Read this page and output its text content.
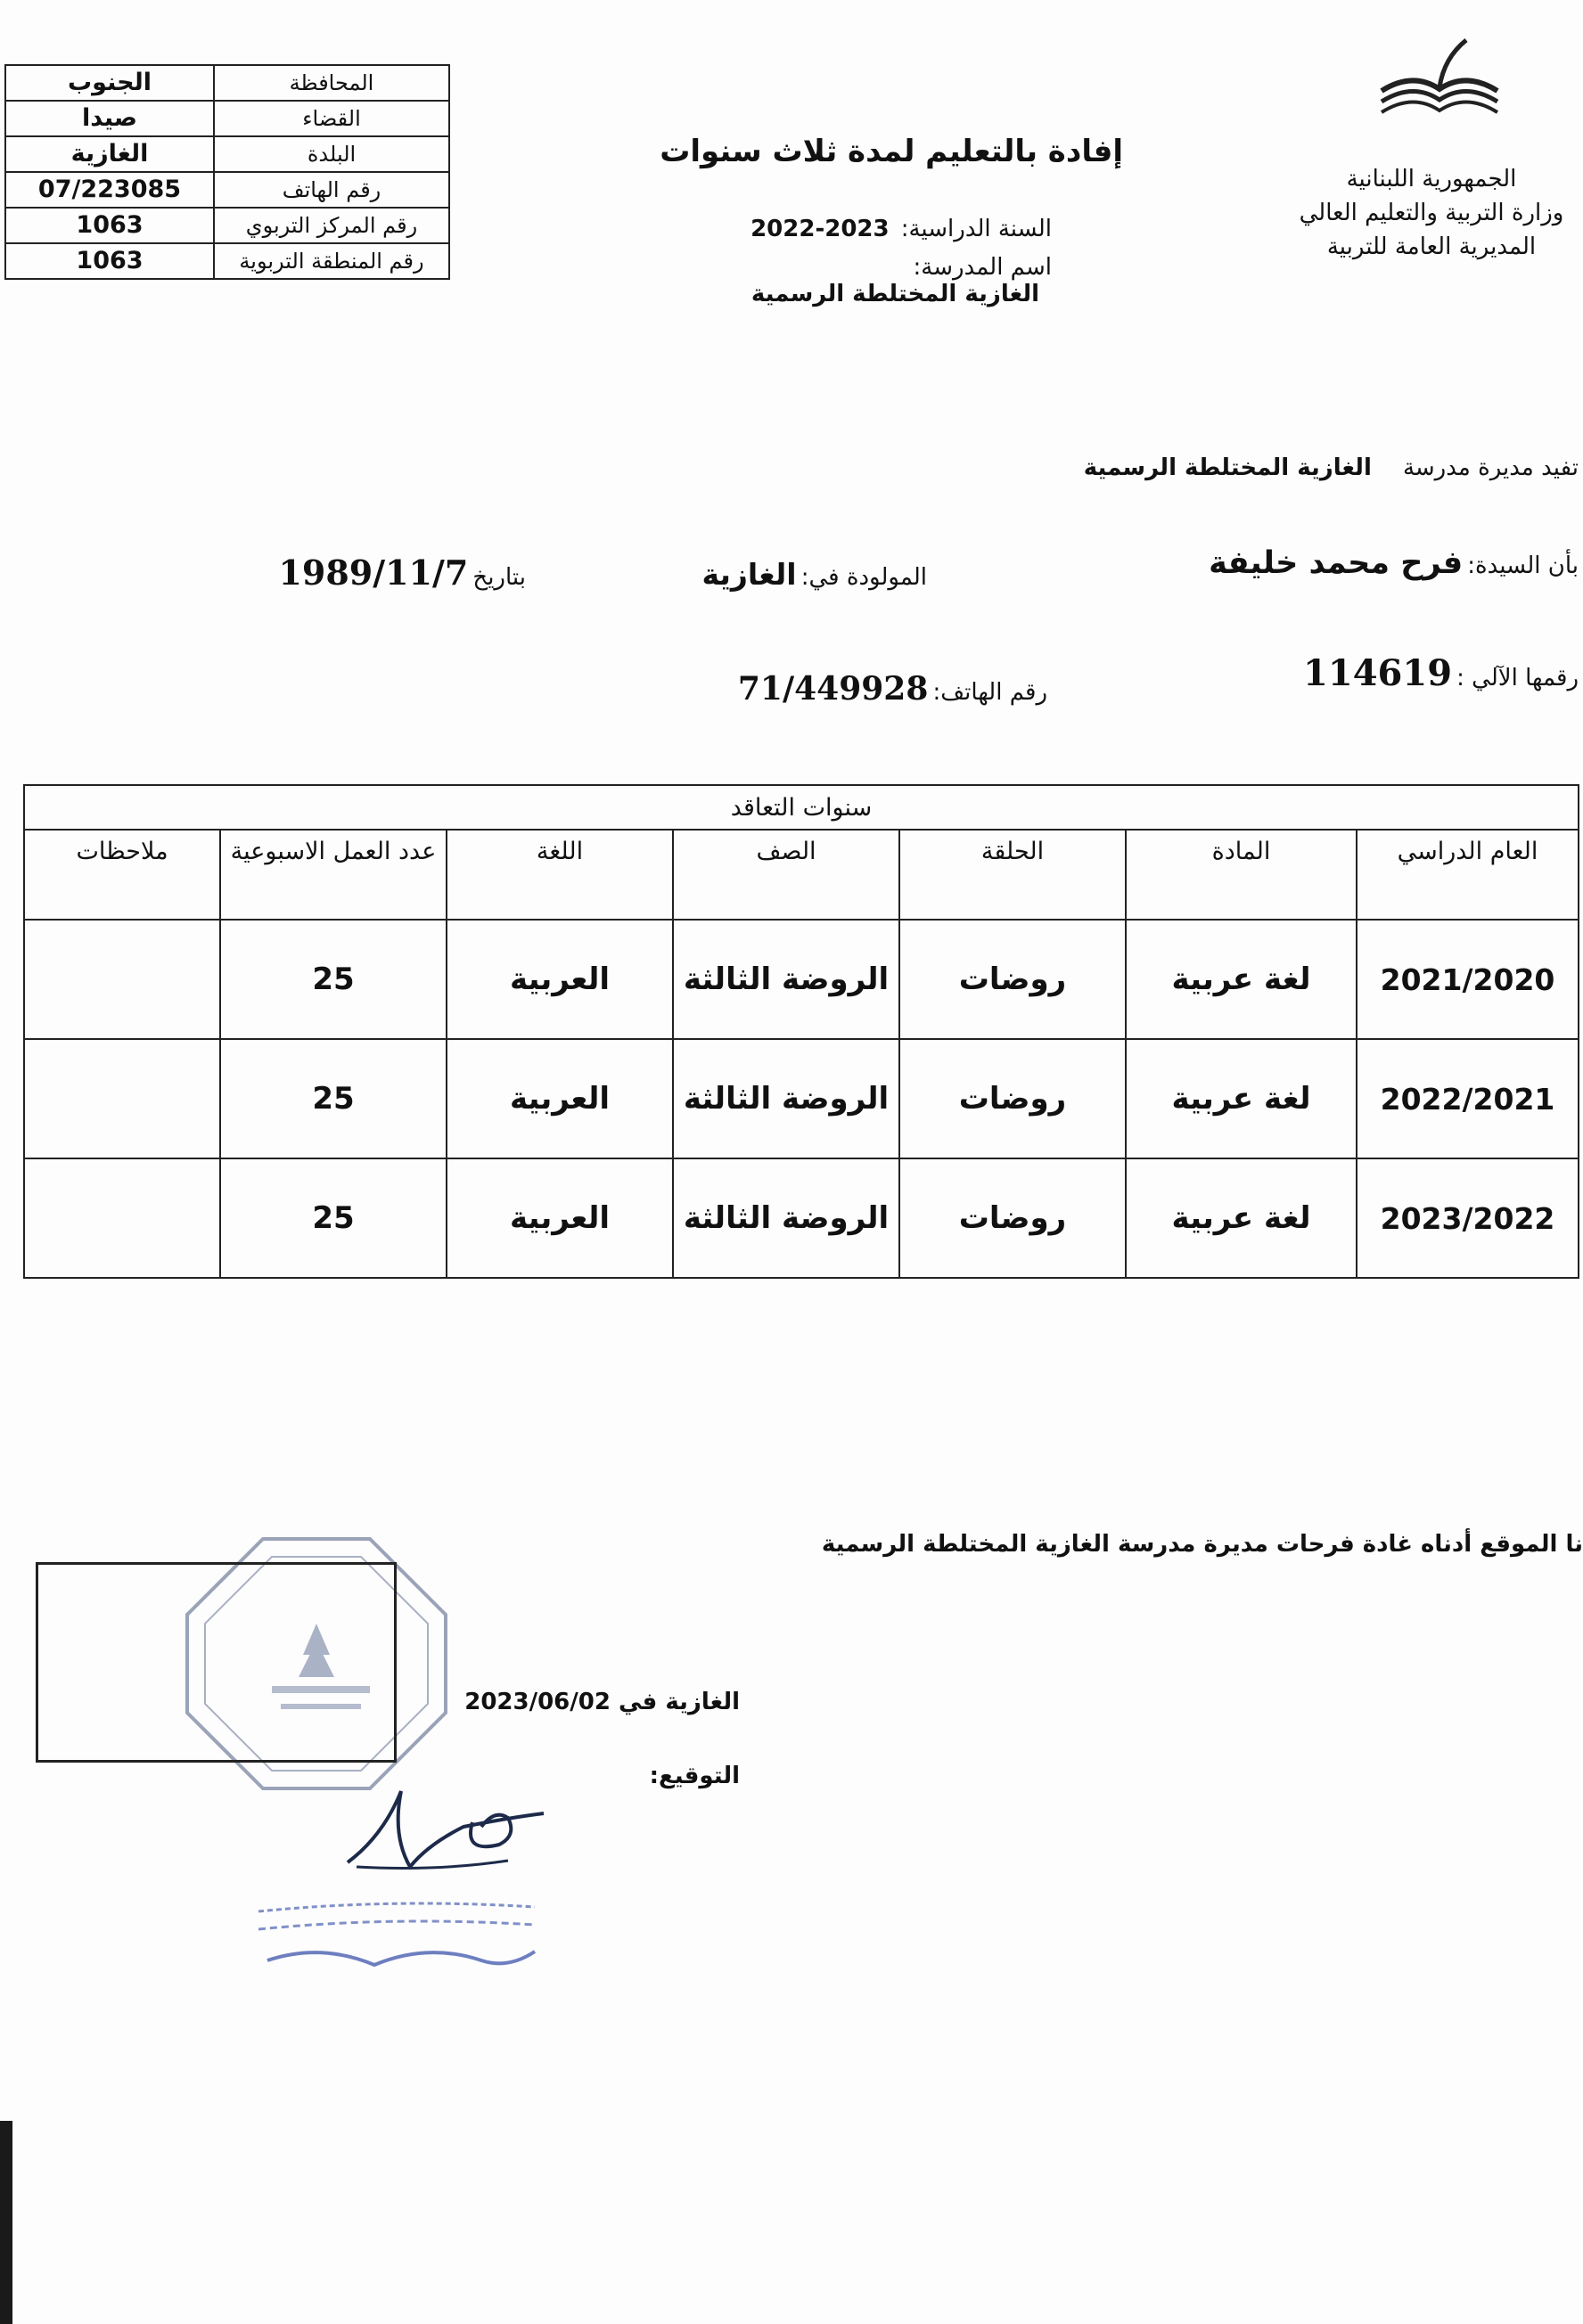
الجمهورية اللبنانية
وزارة التربية والتعليم العالي
المديرية العامة للتربية
إفادة بالتعليم لمدة ثلاث سنوات
السنة الدراسية: 2023-2022
اسم المدرسة: الغازية المختلطة الرسمية
المحافظة	الجنوب
القضاء	صيدا
البلدة	الغازية
رقم الهاتف	07/223085
رقم المركز التربوي	1063
رقم المنطقة التربوية	1063
تفيد مديرة مدرسة الغازية المختلطة الرسمية
بأن السيدة: فرح محمد خليفة
المولودة في: الغازية
بتاريخ 1989/11/7
رقمها الآلي : 114619
رقم الهاتف: 71/449928
سنوات التعاقد						
العام الدراسي	المادة	الحلقة	الصف	اللغة	عدد العمل الاسبوعية	ملاحظات
2021/2020	لغة عربية	روضات	الروضة الثالثة	العربية	25	
2022/2021	لغة عربية	روضات	الروضة الثالثة	العربية	25	
2023/2022	لغة عربية	روضات	الروضة الثالثة	العربية	25	
نا الموقع أدناه غادة فرحات مديرة مدرسة الغازية المختلطة الرسمية
الغازية في 2023/06/02
التوقيع:
